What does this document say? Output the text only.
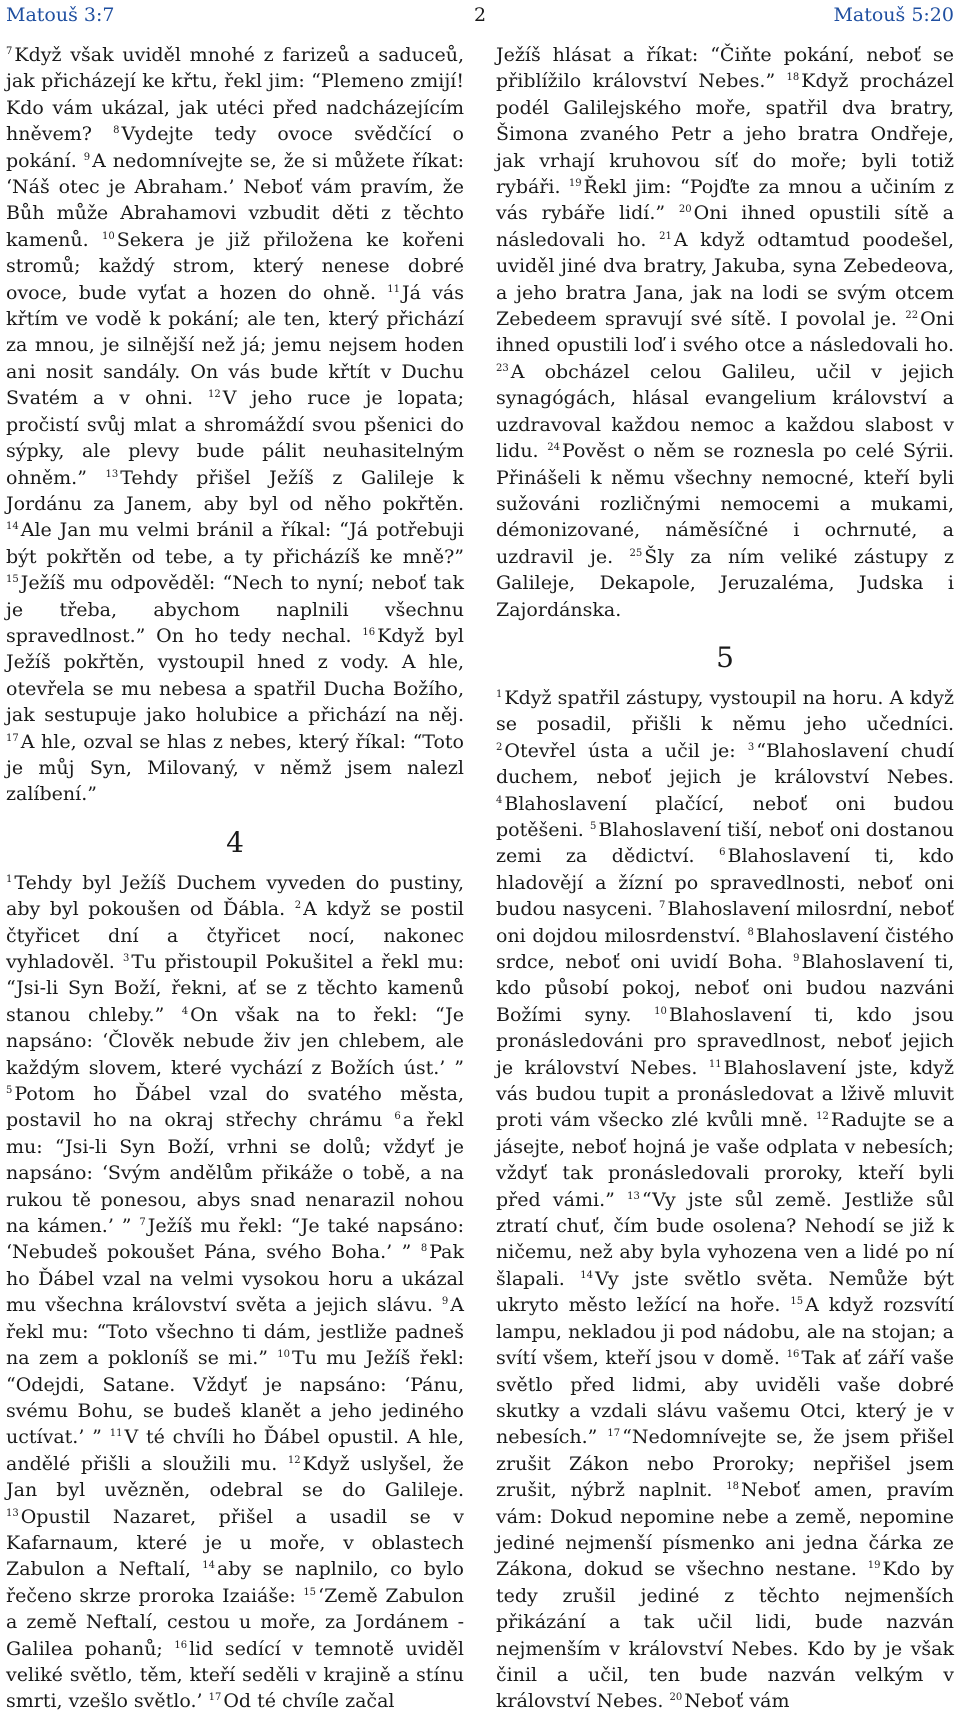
Matouš 3:7	2	Matouš 5:20

$^7$ Když však uviděl mnohé z farizeů a saduceů, jak přicházejí ke křtu, řekl jim: “Plemeno zmijí! Kdo vám ukázal, jak utéci před nadcházejícím hněvem? $^8$ Vydejte tedy ovoce svědčící o pokání. $^9$ A nedomnívejte se, že si můžete říkat: ‘Náš otec je Abraham.’ Neboť vám pravím, že Bůh může Abrahamovi vzbudit děti z těchto kamenů. $^{10}$ Sekera je již přiložena ke kořeni stromů; každý strom, který nenese dobré ovoce, bude vyťat a hozen do ohně. $^{11}$ Já vás křtím ve vodě k pokání; ale ten, který přichází za mnou, je silnější než já; jemu nejsem hoden ani nosit sandály. On vás bude křtít v Duchu Svatém a v ohni. $^{12}$ V jeho ruce je lopata; pročistí svůj mlat a shromáždí svou pšenici do sýpky, ale plevy bude pálit neuhasitelným ohněm.” $^{13}$ Tehdy přišel Ježíš z Galileje k Jordánu za Janem, aby byl od něho pokřtěn. $^{14}$ Ale Jan mu velmi bránil a říkal: “Já potřebuji být pokřtěn od tebe, a ty přicházíš ke mně?” $^{15}$ Ježíš mu odpověděl: “Nech to nyní; neboť tak je třeba, abychom naplnili všechnu spravedlnost.” On ho tedy nechal. $^{16}$ Když byl Ježíš pokřtěn, vystoupil hned z vody. A hle, otevřela se mu nebesa a spatřil Ducha Božího, jak sestupuje jako holubice a přichází na něj. $^{17}$ A hle, ozval se hlas z nebes, který říkal: “Toto je můj Syn, Milovaný, v němž jsem nalezl zalíbení.”

4

$^1$ Tehdy byl Ježíš Duchem vyveden do pustiny, aby byl pokoušen od Ďábla. $^2$ A když se postil čtyřicet dní a čtyřicet nocí, nakonec vyhladověl. $^3$ Tu přistoupil Pokušitel a řekl mu: “Jsi-li Syn Boží, řekni, ať se z těchto kamenů stanou chleby.” $^4$ On však na to řekl: “Je napsáno: ‘Člověk nebude živ jen chlebem, ale každým slovem, které vychází z Božích úst.’ ” $^5$ Potom ho Ďábel vzal do svatého města, postavil ho na okraj střechy chrámu $^6$ a řekl mu: “Jsi-li Syn Boží, vrhni se dolů; vždyť je napsáno: ‘Svým andělům přikáže o tobě, a na rukou tě ponesou, abys snad nenarazil nohou na kámen.’ ” $^7$ Ježíš mu řekl: “Je také napsáno: ‘Nebudeš pokoušet Pána, svého Boha.’ ” $^8$ Pak ho Ďábel vzal na velmi vysokou horu a ukázal mu všechna království světa a jejich slávu. $^9$ A řekl mu: “Toto všechno ti dám, jestliže padneš na zem a pokloníš se mi.” $^{10}$ Tu mu Ježíš řekl: “Odejdi, Satane. Vždyť je napsáno: ‘Pánu, svému Bohu, se budeš klanět a jeho jediného uctívat.’ ” $^{11}$ V té chvíli ho Ďábel opustil. A hle, andělé přišli a sloužili mu. $^{12}$ Když uslyšel, že Jan byl uvězněn, odebral se do Galileje. $^{13}$ Opustil Nazaret, přišel a usadil se v Kafarnaum, které je u moře, v oblastech Zabulon a Neftalí, $^{14}$ aby se naplnilo, co bylo řečeno skrze proroka Izaiáše: $^{15}$ ‘Země Zabulon a země Neftalí, cestou u moře, za Jordánem - Galilea pohanů; $^{16}$ lid sedící v temnotě uviděl veliké světlo, těm, kteří seděli v krajině a stínu smrti, vzešlo světlo.’ $^{17}$ Od té chvíle začal

Ježíš hlásat a říkat: “Čiňte pokání, neboť se přiblížilo království Nebes.” $^{18}$ Když procházel podél Galilejského moře, spatřil dva bratry, Šimona zvaného Petr a jeho bratra Ondřeje, jak vrhají kruhovou síť do moře; byli totiž rybáři. $^{19}$ Řekl jim: “Pojďte za mnou a učiním z vás rybáře lidí.” $^{20}$ Oni ihned opustili sítě a následovali ho. $^{21}$ A když odtamtud poodešel, uviděl jiné dva bratry, Jakuba, syna Zebedeova, a jeho bratra Jana, jak na lodi se svým otcem Zebedeem spravují své sítě. I povolal je. $^{22}$ Oni ihned opustili loď i svého otce a následovali ho. $^{23}$ A obcházel celou Galileu, učil v jejich synagógách, hlásal evangelium království a uzdravoval každou nemoc a každou slabost v lidu. $^{24}$ Pověst o něm se roznesla po celé Sýrii. Přinášeli k němu všechny nemocné, kteří byli sužováni rozličnými nemocemi a mukami, démonizované, náměsíčné i ochrnuté, a uzdravil je. $^{25}$ Šly za ním veliké zástupy z Galileje, Dekapole, Jeruzaléma, Judska i Zajordánska.

5

$^1$ Když spatřil zástupy, vystoupil na horu. A když se posadil, přišli k němu jeho učedníci. $^2$ Otevřel ústa a učil je: $^3$ “Blahoslavení chudí duchem, neboť jejich je království Nebes. $^4$ Blahoslavení plačící, neboť oni budou potěšeni. $^5$ Blahoslavení tiší, neboť oni dostanou zemi za dědictví. $^6$ Blahoslavení ti, kdo hladovějí a žízní po spravedlnosti, neboť oni budou nasyceni. $^7$ Blahoslavení milosrdní, neboť oni dojdou milosrdenství. $^8$ Blahoslavení čistého srdce, neboť oni uvidí Boha. $^9$ Blahoslavení ti, kdo působí pokoj, neboť oni budou nazváni Božími syny. $^{10}$ Blahoslavení ti, kdo jsou pronásledováni pro spravedlnost, neboť jejich je království Nebes. $^{11}$ Blahoslavení jste, když vás budou tupit a pronásledovat a lživě mluvit proti vám všecko zlé kvůli mně. $^{12}$ Radujte se a jásejte, neboť hojná je vaše odplata v nebesích; vždyť tak pronásledovali proroky, kteří byli před vámi.” $^{13}$ “Vy jste sůl země. Jestliže sůl ztratí chuť, čím bude osolena? Nehodí se již k ničemu, než aby byla vyhozena ven a lidé po ní šlapali. $^{14}$ Vy jste světlo světa. Nemůže být ukryto město ležící na hoře. $^{15}$ A když rozsvítí lampu, nekladou ji pod nádobu, ale na stojan; a svítí všem, kteří jsou v domě. $^{16}$ Tak ať září vaše světlo před lidmi, aby uviděli vaše dobré skutky a vzdali slávu vašemu Otci, který je v nebesích.” $^{17}$ “Nedomnívejte se, že jsem přišel zrušit Zákon nebo Proroky; nepřišel jsem zrušit, nýbrž naplnit. $^{18}$ Neboť amen, pravím vám: Dokud nepomine nebe a země, nepomine jediné nejmenší písmenko ani jedna čárka ze Zákona, dokud se všechno nestane. $^{19}$ Kdo by tedy zrušil jediné z těchto nejmenších přikázání a tak učil lidi, bude nazván nejmenším v království Nebes. Kdo by je však činil a učil, ten bude nazván velkým v království Nebes. $^{20}$ Neboť vám
